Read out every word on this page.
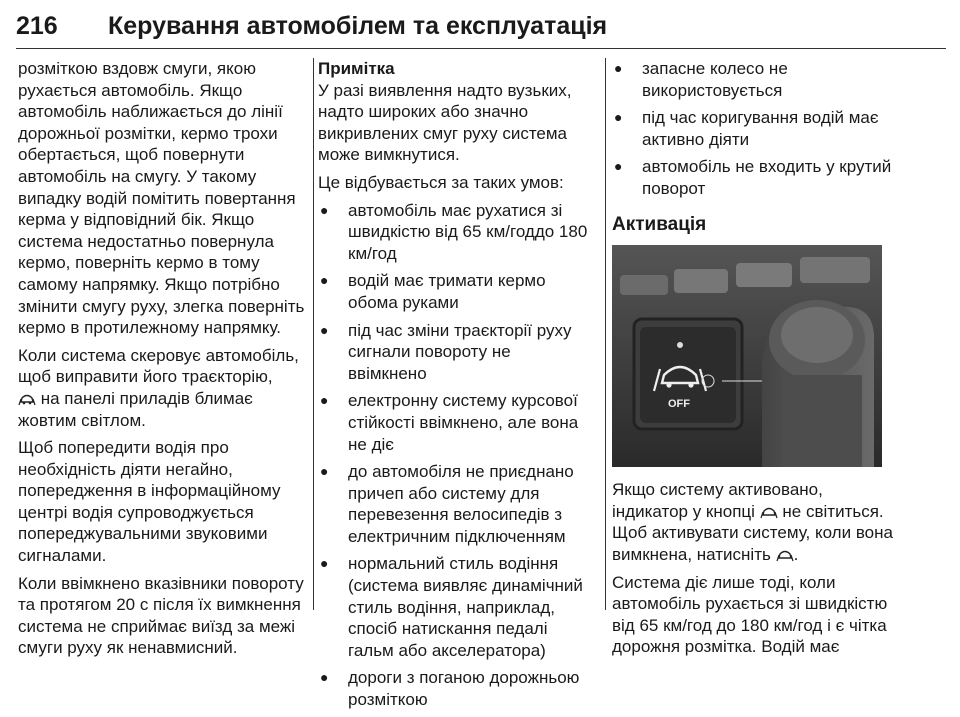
216 Керування автомобілем та експлуатація

розміткою вздовж смуги, якою рухається автомобіль. Якщо автомобіль наближається до лінії дорожньої розмітки, кермо трохи обертається, щоб повернути автомобіль на смугу. У такому випадку водій помітить повертання керма у відповідний бік. Якщо система недостатньо повернула кермо, поверніть кермо в тому самому напрямку. Якщо потрібно змінити смугу руху, злегка поверніть кермо в протилежному напрямку.

Коли система скеровує автомобіль, щоб виправити його траєкторію,
на панелі приладів блимає жовтим світлом.

Щоб попередити водія про необхідність діяти негайно, попередження в інформаційному центрі водія супроводжується попереджувальними звуковими сигналами.

Коли ввімкнено вказівники повороту та протягом 20 с після їх вимкнення система не сприймає виїзд за межі смуги руху як ненавмисний.

Примітка

У разі виявлення надто вузьких, надто широких або значно викривлених смуг руху система може вимкнутися.

Це відбувається за таких умов:

● автомобіль має рухатися зі швидкістю від 65 км/годдо 180 км/год
● водій має тримати кермо обома руками
● під час зміни траєкторії руху сигнали повороту не ввімкнено
● електронну систему курсової стійкості ввімкнено, але вона не діє
● до автомобіля не приєднано причеп або систему для перевезення велосипедів з електричним підключенням
● нормальний стиль водіння (система виявляє динамічний стиль водіння, наприклад, спосіб натискання педалі гальм або акселератора)
● дороги з поганою дорожньою розміткою
● запасне колесо не використовується
● під час коригування водій має активно діяти
● автомобіль не входить у крутий поворот
Активація
OFF

Якщо систему активовано, індикатор у кнопці не світиться. Щоб активувати систему, коли вона вимкнена, натисніть .

Система діє лише тоді, коли автомобіль рухається зі швидкістю від 65 км/год до 180 км/год і є чітка дорожня розмітка. Водій має
